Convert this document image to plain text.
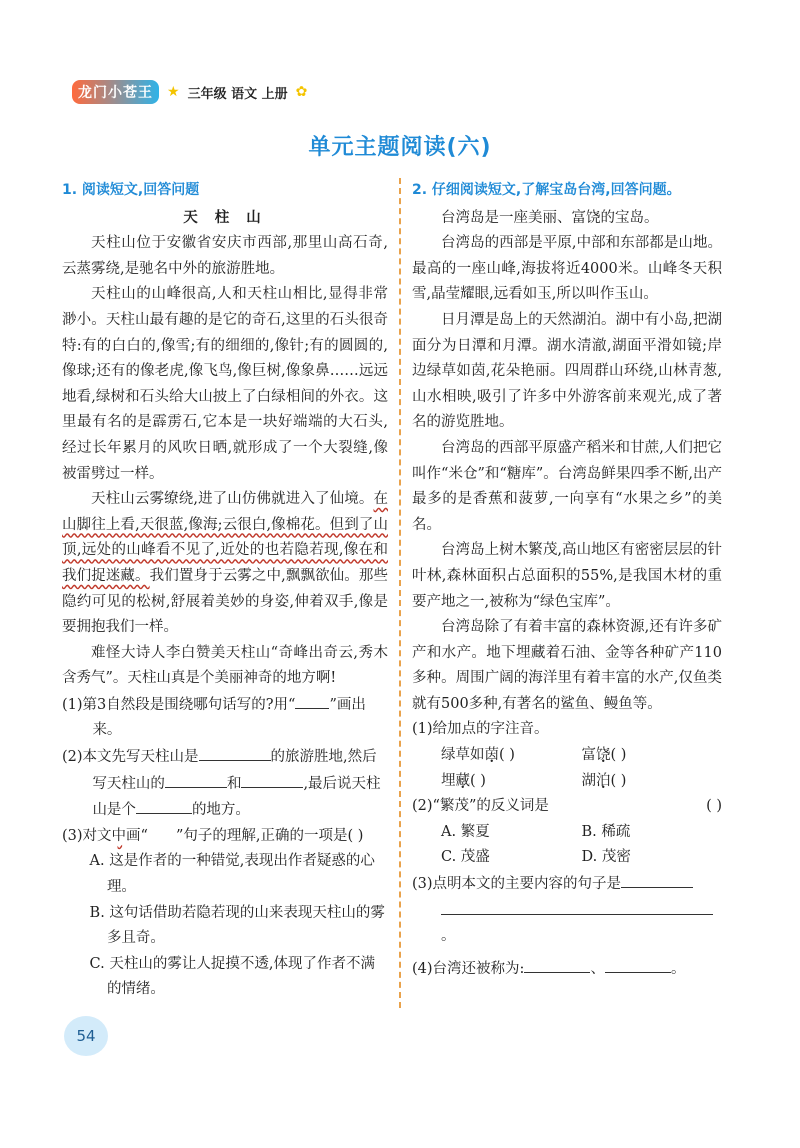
龙门小苍王	★ 三年级 语文 上册 ✿
单元主题阅读(六)
1. 阅读短文,回答问题
天 柱 山
天柱山位于安徽省安庆市西部,那里山高石奇,云蒸雾绕,是驰名中外的旅游胜地。
天柱山的山峰很高,人和天柱山相比,显得非常渺小。天柱山最有趣的是它的奇石,这里的石头很奇特:有的白白的,像雪;有的细细的,像针;有的圆圆的,像球;还有的像老虎,像飞鸟,像巨树,像象鼻……远远地看,绿树和石头给大山披上了白绿相间的外衣。这里最有名的是霹雳石,它本是一块好端端的大石头,经过长年累月的风吹日晒,就形成了一个大裂缝,像被雷劈过一样。
天柱山云雾缭绕,进了山仿佛就进入了仙境。在山脚往上看,天很蓝,像海;云很白,像棉花。但到了山顶,远处的山峰看不见了,近处的也若隐若现,像在和我们捉迷藏。我们置身于云雾之中,飘飘欲仙。那些隐约可见的松树,舒展着美妙的身姿,伸着双手,像是要拥抱我们一样。
难怪大诗人李白赞美天柱山“奇峰出奇云,秀木含秀气”。天柱山真是个美丽神奇的地方啊!
(1)第3自然段是围绕哪句话写的?用“ ”画出来。
(2)本文先写天柱山是	的旅游胜地,然后写天柱山的	和	,最后说天柱山是个	的地方。
(3)对文中画“ ”句子的理解,正确的一项是( )
A. 这是作者的一种错觉,表现出作者疑惑的心理。
B. 这句话借助若隐若现的山来表现天柱山的雾多且奇。
C. 天柱山的雾让人捉摸不透,体现了作者不满的情绪。
2. 仔细阅读短文,了解宝岛台湾,回答问题。
台湾岛是一座美丽、富饶的宝岛。
台湾岛的西部是平原,中部和东部都是山地。最高的一座山峰,海拔将近4000米。山峰冬天积雪,晶莹耀眼,远看如玉,所以叫作玉山。
日月潭是岛上的天然湖泊。湖中有小岛,把湖面分为日潭和月潭。湖水清澈,湖面平滑如镜;岸边绿草如茵,花朵艳丽。四周群山环绕,山林青葱,山水相映,吸引了许多中外游客前来观光,成了著名的游览胜地。
台湾岛的西部平原盛产稻米和甘蔗,人们把它叫作“米仓”和“糖库”。台湾岛鲜果四季不断,出产最多的是香蕉和菠萝,一向享有“水果之乡”的美名。
台湾岛上树木繁茂,高山地区有密密层层的针叶林,森林面积占总面积的55%,是我国木材的重要产地之一,被称为“绿色宝库”。
台湾岛除了有着丰富的森林资源,还有许多矿产和水产。地下埋藏着石油、金等各种矿产110多种。周围广阔的海洋里有着丰富的水产,仅鱼类就有500多种,有著名的鲨鱼、鳗鱼等。
(1)给加点的字注音。
绿草如茵( )	富饶( )
埋藏( )	湖泊( )
(2)“繁茂”的反义词是	( )
A. 繁夏	B. 稀疏
C. 茂盛	D. 茂密
(3)点明本文的主要内容的句子是
。
(4)台湾还被称为:	、	。
54
